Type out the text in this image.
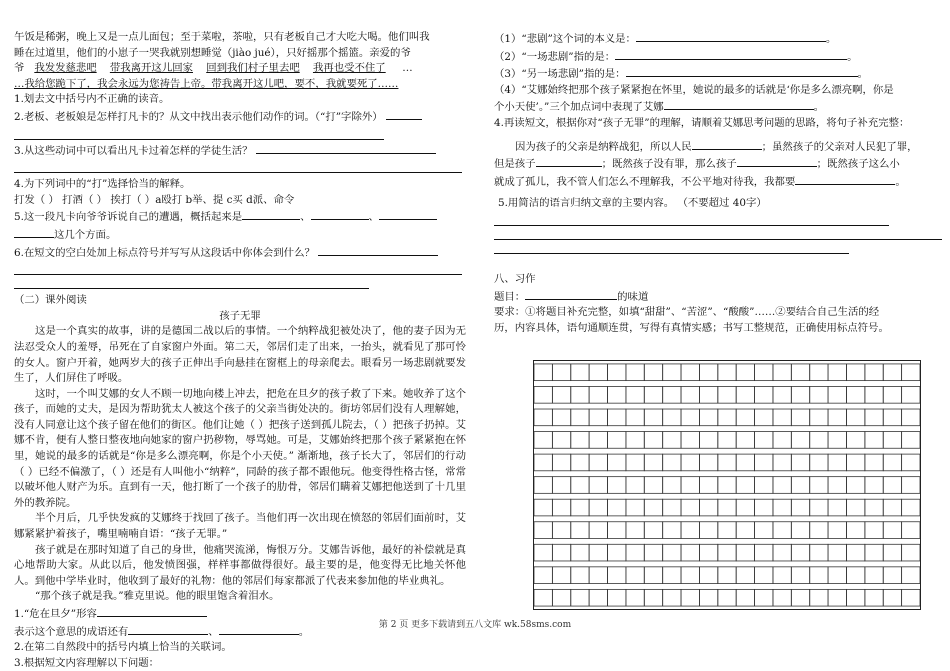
午饭是稀粥，晚上又是一点儿面包；至于菜啦，茶啦，只有老板自己才大吃大喝。他们叫我
睡在过道里，他们的小崽子一哭我就别想睡觉（jiào jué），只好摇那个摇篮。亲爱的爷
爷 我发发慈悲吧 带我离开这儿回家 回到我们村子里去吧 我再也受不住了 …
…我给您跪下了，我会永远为您祷告上帝。带我离开这儿吧，要不，我就要死了……
1.划去文中括号内不正确的读音。
2.老板、老板娘是怎样打凡卡的？从文中找出表示他们动作的词。（“打”字除外）
3.从这些动词中可以看出凡卡过着怎样的学徒生活？
4.为下列词中的“打”选择恰当的解释。
打发（ ） 打酒（ ） 挨打（ ）a殴打 b举、提 c买 d派、命令
5.这一段凡卡向爷爷诉说自己的遭遇，概括起来是	、	、
这几个方面。
6.在短文的空白处加上标点符号并写写从这段话中你体会到什么？
（二）课外阅读
孩子无罪
这是一个真实的故事，讲的是德国二战以后的事情。一个纳粹战犯被处决了，他的妻子因为无法忍受众人的羞辱，吊死在了自家窗户外面。第二天，邻居们走了出来，一抬头，就看见了那可怜的女人。窗户开着，她两岁大的孩子正伸出手向悬挂在窗框上的母亲爬去。眼看另一场悲剧就要发生了，人们屏住了呼吸。
这时，一个叫艾娜的女人不顾一切地向楼上冲去，把危在旦夕的孩子救了下来。她收养了这个孩子，而她的丈夫，是因为帮助犹太人被这个孩子的父亲当街处决的。街坊邻居们没有人理解她，没有人同意让这个孩子留在他们的街区。他们让她（ ）把孩子送到孤儿院去，（ ）把孩子扔掉。艾娜不肯，便有人整日整夜地向她家的窗户扔秽物，辱骂她。可是，艾娜始终把那个孩子紧紧抱在怀里，她说的最多的话就是“你是多么漂亮啊，你是个小天使。” 渐渐地，孩子长大了，邻居们的行动（ ）已经不偏激了，（ ）还是有人叫他小“纳粹”，同龄的孩子都不跟他玩。他变得性格古怪，常常以破坏他人财产为乐。直到有一天，他打断了一个孩子的肋骨，邻居们瞒着艾娜把他送到了十几里外的教养院。
半个月后，几乎快发疯的艾娜终于找回了孩子。当他们再一次出现在愤怒的邻居们面前时，艾娜紧紧护着孩子，嘴里喃喃自语：“孩子无罪。”
孩子就是在那时知道了自己的身世，他痛哭流涕，悔恨万分。艾娜告诉他，最好的补偿就是真心地帮助大家。从此以后，他发愤图强，样样事都做得很好。最主要的是，他变得无比地关怀他人。到他中学毕业时，他收到了最好的礼物：他的邻居们每家都派了代表来参加他的毕业典礼。
“那个孩子就是我。”雅克里说。他的眼里饱含着泪水。
1.“危在旦夕”形容
表示这个意思的成语还有	、	。
2.在第二自然段中的括号内填上恰当的关联词。
3.根据短文内容理解以下问题：
（1）“悲剧”这个词的本义是：	。
（2）“一场悲剧”指的是：	。
（3）“另一场悲剧”指的是：	。
（4）“艾娜始终把那个孩子紧紧抱在怀里，她说的最多的话就是‘你是多么漂亮啊，你是
个小天使’。”三个加点词中表现了艾娜	。
4.再读短文，根据你对“孩子无罪”的理解，请顺着艾娜思考问题的思路，将句子补充完整：
因为孩子的父亲是纳粹战犯，所以人民	；虽然孩子的父亲对人民犯了罪，
但是孩子	；既然孩子没有罪，那么孩子	；既然孩子这么小
就成了孤儿，我不管人们怎么不理解我，不公平地对待我，我都要	。
5.用简洁的语言归纳文章的主要内容。 （不要超过 40字）
八、习作
题目：	的味道
要求：①将题目补充完整，如填“甜甜”、“苦涩”、“酸酸”……②要结合自己生活的经
历，内容具体，语句通顺连贯，写得有真情实感；书写工整规范，正确使用标点符号。
第 2 页 更多下载请到五八文库 wk.58sms.com
